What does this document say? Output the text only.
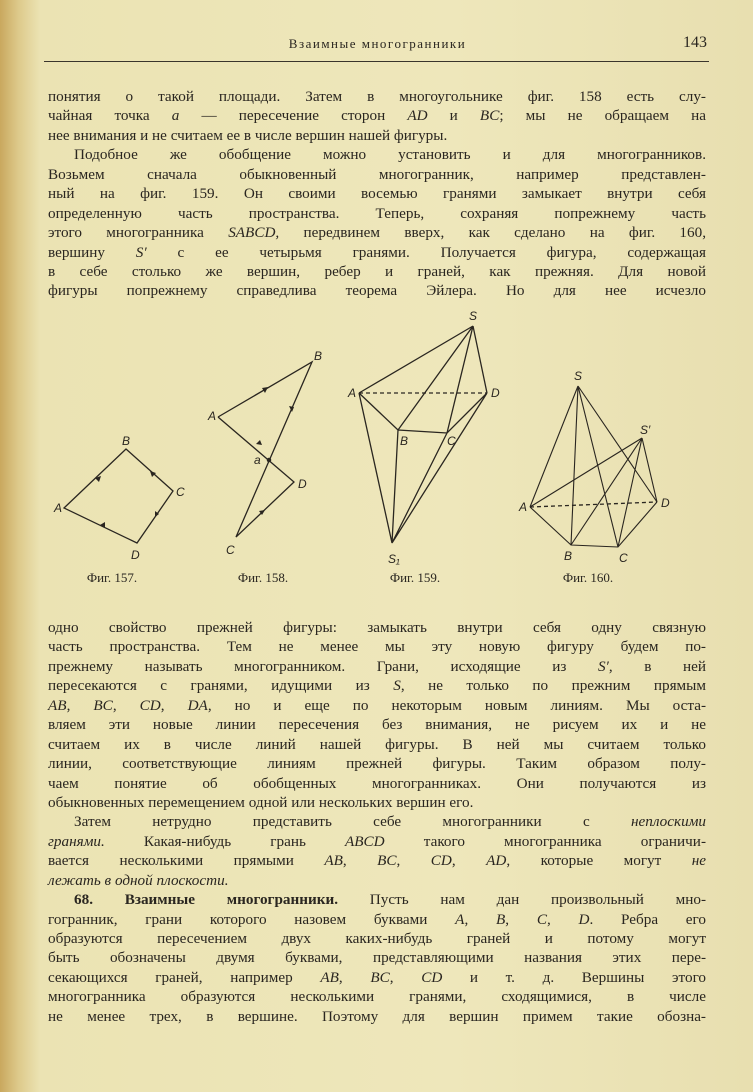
Взаимные многогранники	143
понятия о такой площади. Затем в многоугольнике фиг. 158 есть слу-
чайная точка a — пересечение сторон AD и BC; мы не обращаем на
нее внимания и не считаем ее в числе вершин нашей фигуры.
Подобное же обобщение можно установить и для многогранников.
Возьмем сначала обыкновенный многогранник, например представлен-
ный на фиг. 159. Он своими восемью гранями замыкает внутри себя
определенную часть пространства. Теперь, сохраняя попрежнему часть
этого многогранника SABCD, передвинем вверх, как сделано на фиг. 160,
вершину S′ с ее четырьмя гранями. Получается фигура, содержащая
в себе столько же вершин, ребер и граней, как прежняя. Для новой
фигуры попрежнему справедлива теорема Эйлера. Но для нее исчезло
B
C
D
A
Фиг. 157.
B
A
a
D
C
Фиг. 158.
S
A	D
B	C
S₁
Фиг. 159.
S
S′
A	D
B	C
Фиг. 160.
одно свойство прежней фигуры: замыкать внутри себя одну связную
часть пространства. Тем не менее мы эту новую фигуру будем по-
прежнему называть многогранником. Грани, исходящие из S′, в ней
пересекаются с гранями, идущими из S, не только по прежним прямым
AB, BC, CD, DA, но и еще по некоторым новым линиям. Мы оста-
вляем эти новые линии пересечения без внимания, не рисуем их и не
считаем их в числе линий нашей фигуры. В ней мы считаем только
линии, соответствующие линиям прежней фигуры. Таким образом полу-
чаем понятие об обобщенных многогранниках. Они получаются из
обыкновенных перемещением одной или нескольких вершин его.
Затем нетрудно представить себе многогранники с неплоскими
гранями. Какая-нибудь грань ABCD такого многогранника ограничи-
вается несколькими прямыми AB, BC, CD, AD, которые могут не
лежать в одной плоскости.
68. Взаимные многогранники. Пусть нам дан произвольный мно-
гогранник, грани которого назовем буквами A, B, C, D. Ребра его
образуются пересечением двух каких-нибудь граней и потому могут
быть обозначены двумя буквами, представляющими названия этих пере-
секающихся граней, например AB, BC, CD и т. д. Вершины этого
многогранника образуются несколькими гранями, сходящимися, в числе
не менее трех, в вершине. Поэтому для вершин примем такие обозна-
